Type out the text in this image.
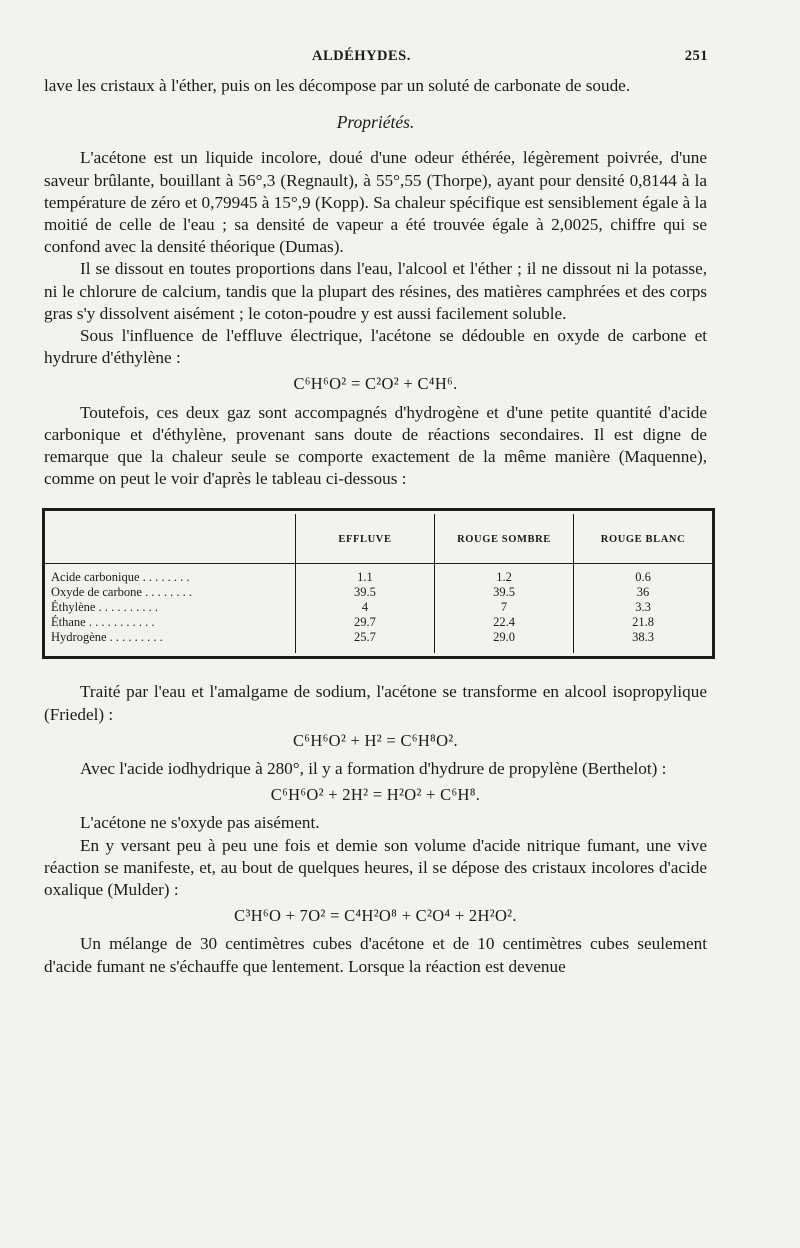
ALDÉHYDES.	251

lave les cristaux à l'éther, puis on les décompose par un soluté de carbonate de soude.

Propriétés.

L'acétone est un liquide incolore, doué d'une odeur éthérée, légèrement poivrée, d'une saveur brûlante, bouillant à 56°,3 (Regnault), à 55°,55 (Thorpe), ayant pour densité 0,8144 à la température de zéro et 0,79945 à 15°,9 (Kopp). Sa chaleur spécifique est sensiblement égale à la moitié de celle de l'eau ; sa densité de vapeur a été trouvée égale à 2,0025, chiffre qui se confond avec la densité théorique (Dumas).

Il se dissout en toutes proportions dans l'eau, l'alcool et l'éther ; il ne dissout ni la potasse, ni le chlorure de calcium, tandis que la plupart des résines, des matières camphrées et des corps gras s'y dissolvent aisément ; le coton-poudre y est aussi facilement soluble.

Sous l'influence de l'effluve électrique, l'acétone se dédouble en oxyde de carbone et hydrure d'éthylène :

C⁶H⁶O² = C²O² + C⁴H⁶.

Toutefois, ces deux gaz sont accompagnés d'hydrogène et d'une petite quantité d'acide carbonique et d'éthylène, provenant sans doute de réactions secondaires. Il est digne de remarque que la chaleur seule se comporte exactement de la même manière (Maquenne), comme on peut le voir d'après le tableau ci-dessous :

	EFFLUVE	ROUGE SOMBRE	ROUGE BLANC
Acide carbonique . . . . . . . .	1.1	1.2	0.6
Oxyde de carbone . . . . . . . .	39.5	39.5	36
Éthylène . . . . . . . . . .	4	7	3.3
Éthane . . . . . . . . . . .	29.7	22.4	21.8
Hydrogène . . . . . . . . .	25.7	29.0	38.3

Traité par l'eau et l'amalgame de sodium, l'acétone se transforme en alcool isopropylique (Friedel) :

C⁶H⁶O² + H² = C⁶H⁸O².

Avec l'acide iodhydrique à 280°, il y a formation d'hydrure de propylène (Berthelot) :

C⁶H⁶O² + 2H² = H²O² + C⁶H⁸.

L'acétone ne s'oxyde pas aisément.

En y versant peu à peu une fois et demie son volume d'acide nitrique fumant, une vive réaction se manifeste, et, au bout de quelques heures, il se dépose des cristaux incolores d'acide oxalique (Mulder) :

C³H⁶O + 7O² = C⁴H²O⁸ + C²O⁴ + 2H²O².

Un mélange de 30 centimètres cubes d'acétone et de 10 centimètres cubes seulement d'acide fumant ne s'échauffe que lentement. Lorsque la réaction est devenue
